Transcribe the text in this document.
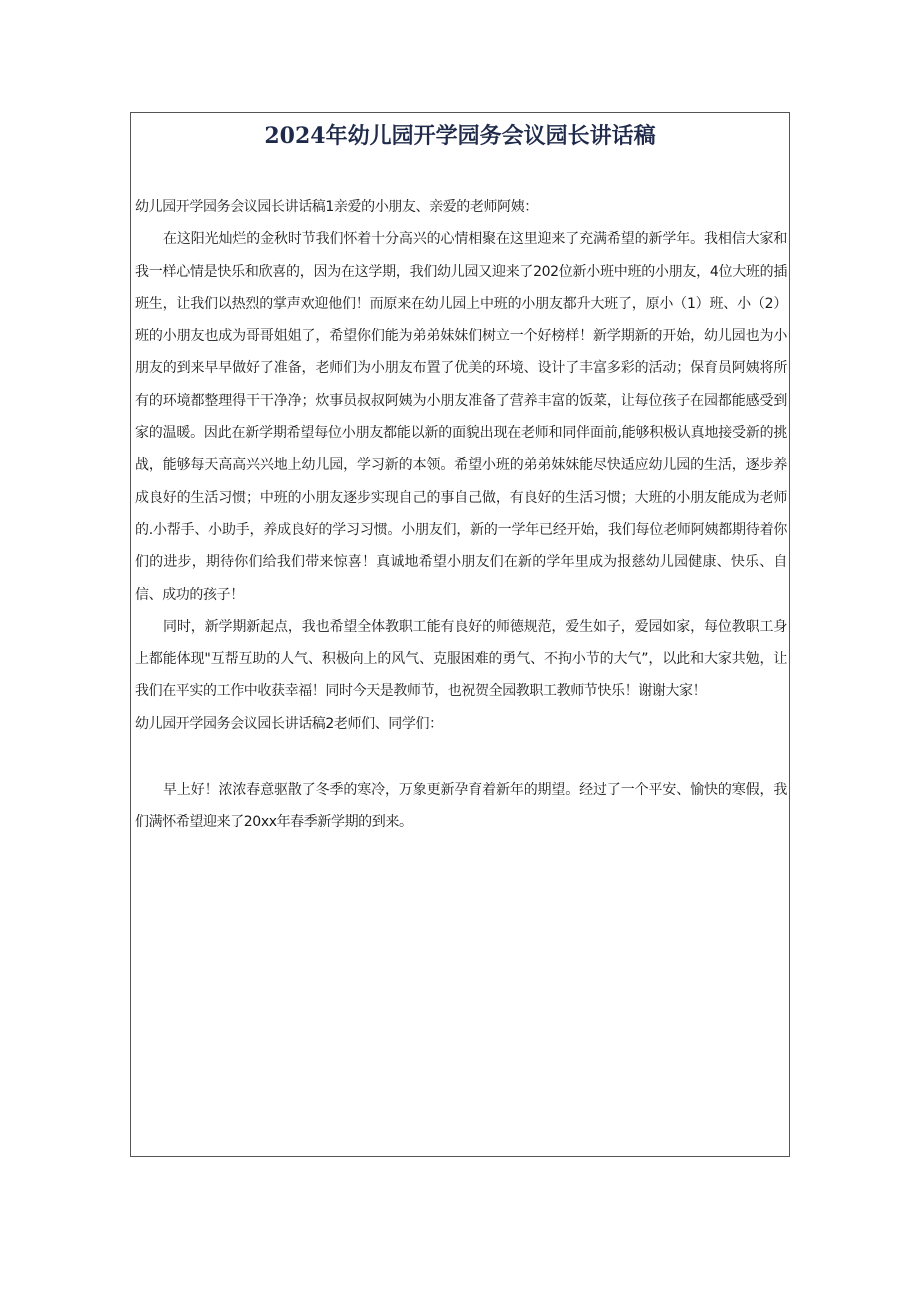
2024年幼儿园开学园务会议园长讲话稿

幼儿园开学园务会议园长讲话稿1亲爱的小朋友、亲爱的老师阿姨：

在这阳光灿烂的金秋时节我们怀着十分高兴的心情相聚在这里迎来了充满希望的新学年。我相信大家和我一样心情是快乐和欣喜的，因为在这学期，我们幼儿园又迎来了202位新小班中班的小朋友，4位大班的插班生，让我们以热烈的掌声欢迎他们！而原来在幼儿园上中班的小朋友都升大班了，原小（1）班、小（2）班的小朋友也成为哥哥姐姐了，希望你们能为弟弟妹妹们树立一个好榜样！新学期新的开始，幼儿园也为小朋友的到来早早做好了准备，老师们为小朋友布置了优美的环境、设计了丰富多彩的活动；保育员阿姨将所有的环境都整理得干干净净；炊事员叔叔阿姨为小朋友准备了营养丰富的饭菜，让每位孩子在园都能感受到家的温暖。因此在新学期希望每位小朋友都能以新的面貌出现在老师和同伴面前,能够积极认真地接受新的挑战，能够每天高高兴兴地上幼儿园，学习新的本领。希望小班的弟弟妹妹能尽快适应幼儿园的生活，逐步养成良好的生活习惯；中班的小朋友逐步实现自己的事自己做，有良好的生活习惯；大班的小朋友能成为老师的.小帮手、小助手，养成良好的学习习惯。小朋友们，新的一学年已经开始，我们每位老师阿姨都期待着你们的进步，期待你们给我们带来惊喜！真诚地希望小朋友们在新的学年里成为报慈幼儿园健康、快乐、自信、成功的孩子！

同时，新学期新起点，我也希望全体教职工能有良好的师德规范，爱生如子，爱园如家，每位教职工身上都能体现"互帮互助的人气、积极向上的风气、克服困难的勇气、不拘小节的大气”，以此和大家共勉，让我们在平实的工作中收获幸福！同时今天是教师节，也祝贺全园教职工教师节快乐！谢谢大家！

幼儿园开学园务会议园长讲话稿2老师们、同学们：

早上好！浓浓春意驱散了冬季的寒冷，万象更新孕育着新年的期望。经过了一个平安、愉快的寒假，我们满怀希望迎来了20xx年春季新学期的到来。
